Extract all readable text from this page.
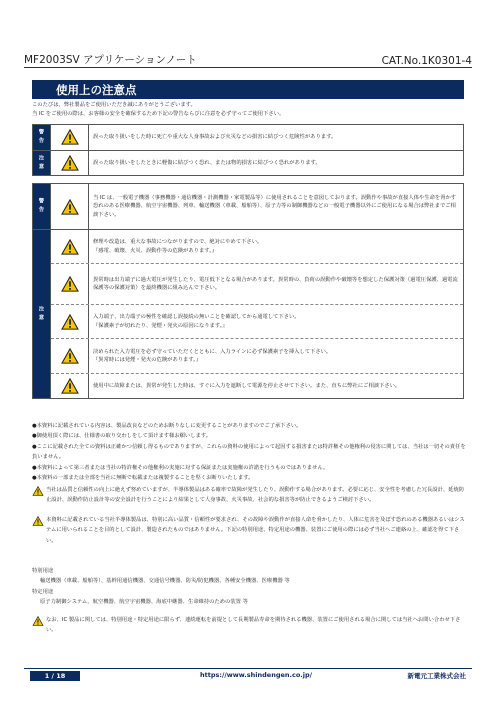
MF2003SV アプリケーションノート	CAT.No.1K0301-4
使用上の注意点
このたびは、弊社製品をご使用いただき誠にありがとうございます。
当 IC をご使用の際は、お客様の安全を確保するため下記の警告ならびに注意を必ず守ってご使用下さい。
警告	誤った取り扱いをした時に死亡や重大な人身事故および火災などの損害に結びつく危険性があります。
注意	誤った取り扱いをしたときに軽傷に結びつく恐れ、または物的損害に結びつく恐れがあります。
警告
当 IC は、一般電子機器（事務機器・通信機器・計測機器・家電製品等）に使用されることを意図しております。誤動作や事故が直接人体や生命を脅かす恐れのある医療機器、航空宇宙機器、列車、輸送機器（車載、船舶等）、原子力等の制御機器などの一般電子機器以外にご使用になる場合は弊社までご相談下さい。
注意
修理や改造は、重大な事故につながりますので、絶対にやめて下さい。
『感電、破壊、火災、誤動作等の危険があります。』
異常時は出力端子に過大電圧が発生したり、電圧低下となる場合があります。異常時の、負荷の誤動作や破壊等を想定した保護対策（過電圧保護、過電流保護等の保護対策）を最終機器に組み込んで下さい。
入力端子、出力端子の極性を確認し誤接続の無いことを確認してから通電して下さい。
『保護素子が切れたり、発煙・発火の原因になります。』
決められた入力電圧を必ず守っていただくとともに、入力ラインに必ず保護素子を挿入して下さい。
『異常時には発煙・発火の危険があります。』
使用中に故障または、異常が発生した時は、すぐに入力を遮断して電源を停止させて下さい。また、直ちに弊社にご相談下さい。
●本資料に記載されている内容は、製品改良などのためお断りなしに変更することがありますのでご了承下さい。
●御使用頂く際には、仕様書の取り交わしをして頂けます様お願いします。
●ここに記載された全ての資料は正確かつ信頼し得るものでありますが、これらの資料の使用によって起因する損害または特許権その他権利の侵害に関しては、当社は一切その責任を負いません。
●本資料によって第三者または当社の特許権その他権利の実施に対する保証または実施権の許諾を行うものではありません。
●本資料の一部または全部を当社に無断で転載または複製することを堅くお断りいたします。
当社は品質と信頼性の向上に絶えず努めていますが、半導体製品はある確率で故障が発生したり、誤動作する場合があります。必要に応じ、安全性を考慮した冗長設計、延焼防止設計、誤動作防止設計等の安全設計を行うことにより結果として人身事故、火災事故、社会的な損害等が防止できるようご検討下さい。
本資料に記載されている当社半導体製品は、特別に高い品質・信頼性が要求され、その故障や誤動作が直接人命を脅かしたり、人体に危害を及ぼす恐れのある機器あるいはシステムに用いられることを目的として設計、製造されたものではありません。下記の特別用途、特定用途の機器、装置にご使用の際には必ず当社へご連絡の上、確認を得て下さい。
特別用途
輸送機器（車載、船舶等）、基幹用通信機器、交通信号機器、防災/防犯機器、各種安全機器、医療機器 等
特定用途
原子力制御システム、航空機器、航空宇宙機器、海底中継器、生命維持のための装置 等
なお、IC 製品に関しては、特別用途・特定用途に限らず、連続運転を前提として長期製品寿命を期待される機器、装置にご使用される場合に関しては当社へお問い合わせ下さい。
1 / 18	https://www.shindengen.co.jp/	新電元工業株式会社
